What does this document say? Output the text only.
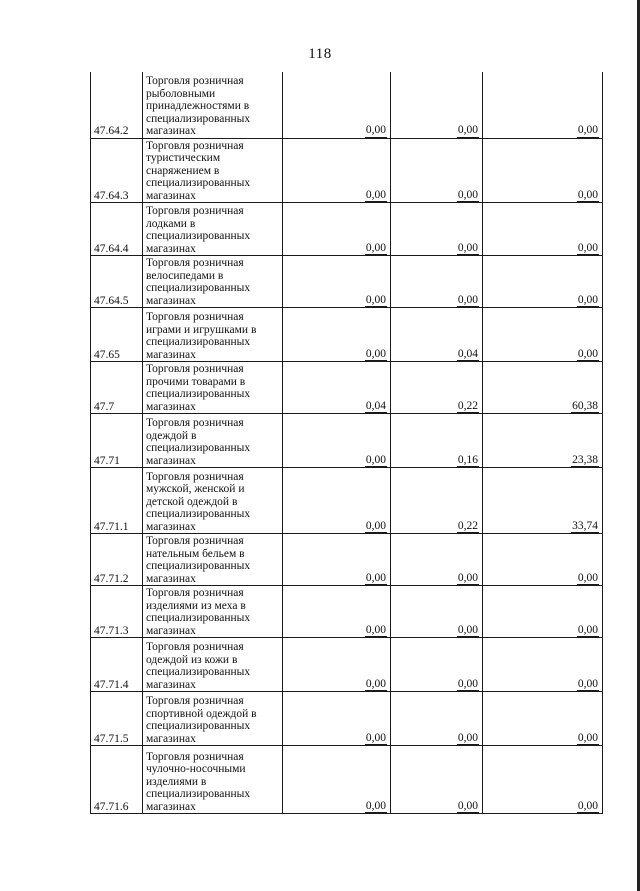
118
47.64.2	Торговля розничная
рыболовными
принадлежностями в
специализированных
магазинах	0,00	0,00	0,00
47.64.3	Торговля розничная
туристическим
снаряжением в
специализированных
магазинах	0,00	0,00	0,00
47.64.4	Торговля розничная
лодками в
специализированных
магазинах	0,00	0,00	0,00
47.64.5	Торговля розничная
велосипедами в
специализированных
магазинах	0,00	0,00	0,00
47.65	Торговля розничная
играми и игрушками в
специализированных
магазинах	0,00	0,04	0,00
47.7	Торговля розничная
прочими товарами в
специализированных
магазинах	0,04	0,22	60,38
47.71	Торговля розничная
одеждой в
специализированных
магазинах	0,00	0,16	23,38
47.71.1	Торговля розничная
мужской, женской и
детской одеждой в
специализированных
магазинах	0,00	0,22	33,74
47.71.2	Торговля розничная
нательным бельем в
специализированных
магазинах	0,00	0,00	0,00
47.71.3	Торговля розничная
изделиями из меха в
специализированных
магазинах	0,00	0,00	0,00
47.71.4	Торговля розничная
одеждой из кожи в
специализированных
магазинах	0,00	0,00	0,00
47.71.5	Торговля розничная
спортивной одеждой в
специализированных
магазинах	0,00	0,00	0,00
47.71.6	Торговля розничная
чулочно-носочными
изделиями в
специализированных
магазинах	0,00	0,00	0,00
